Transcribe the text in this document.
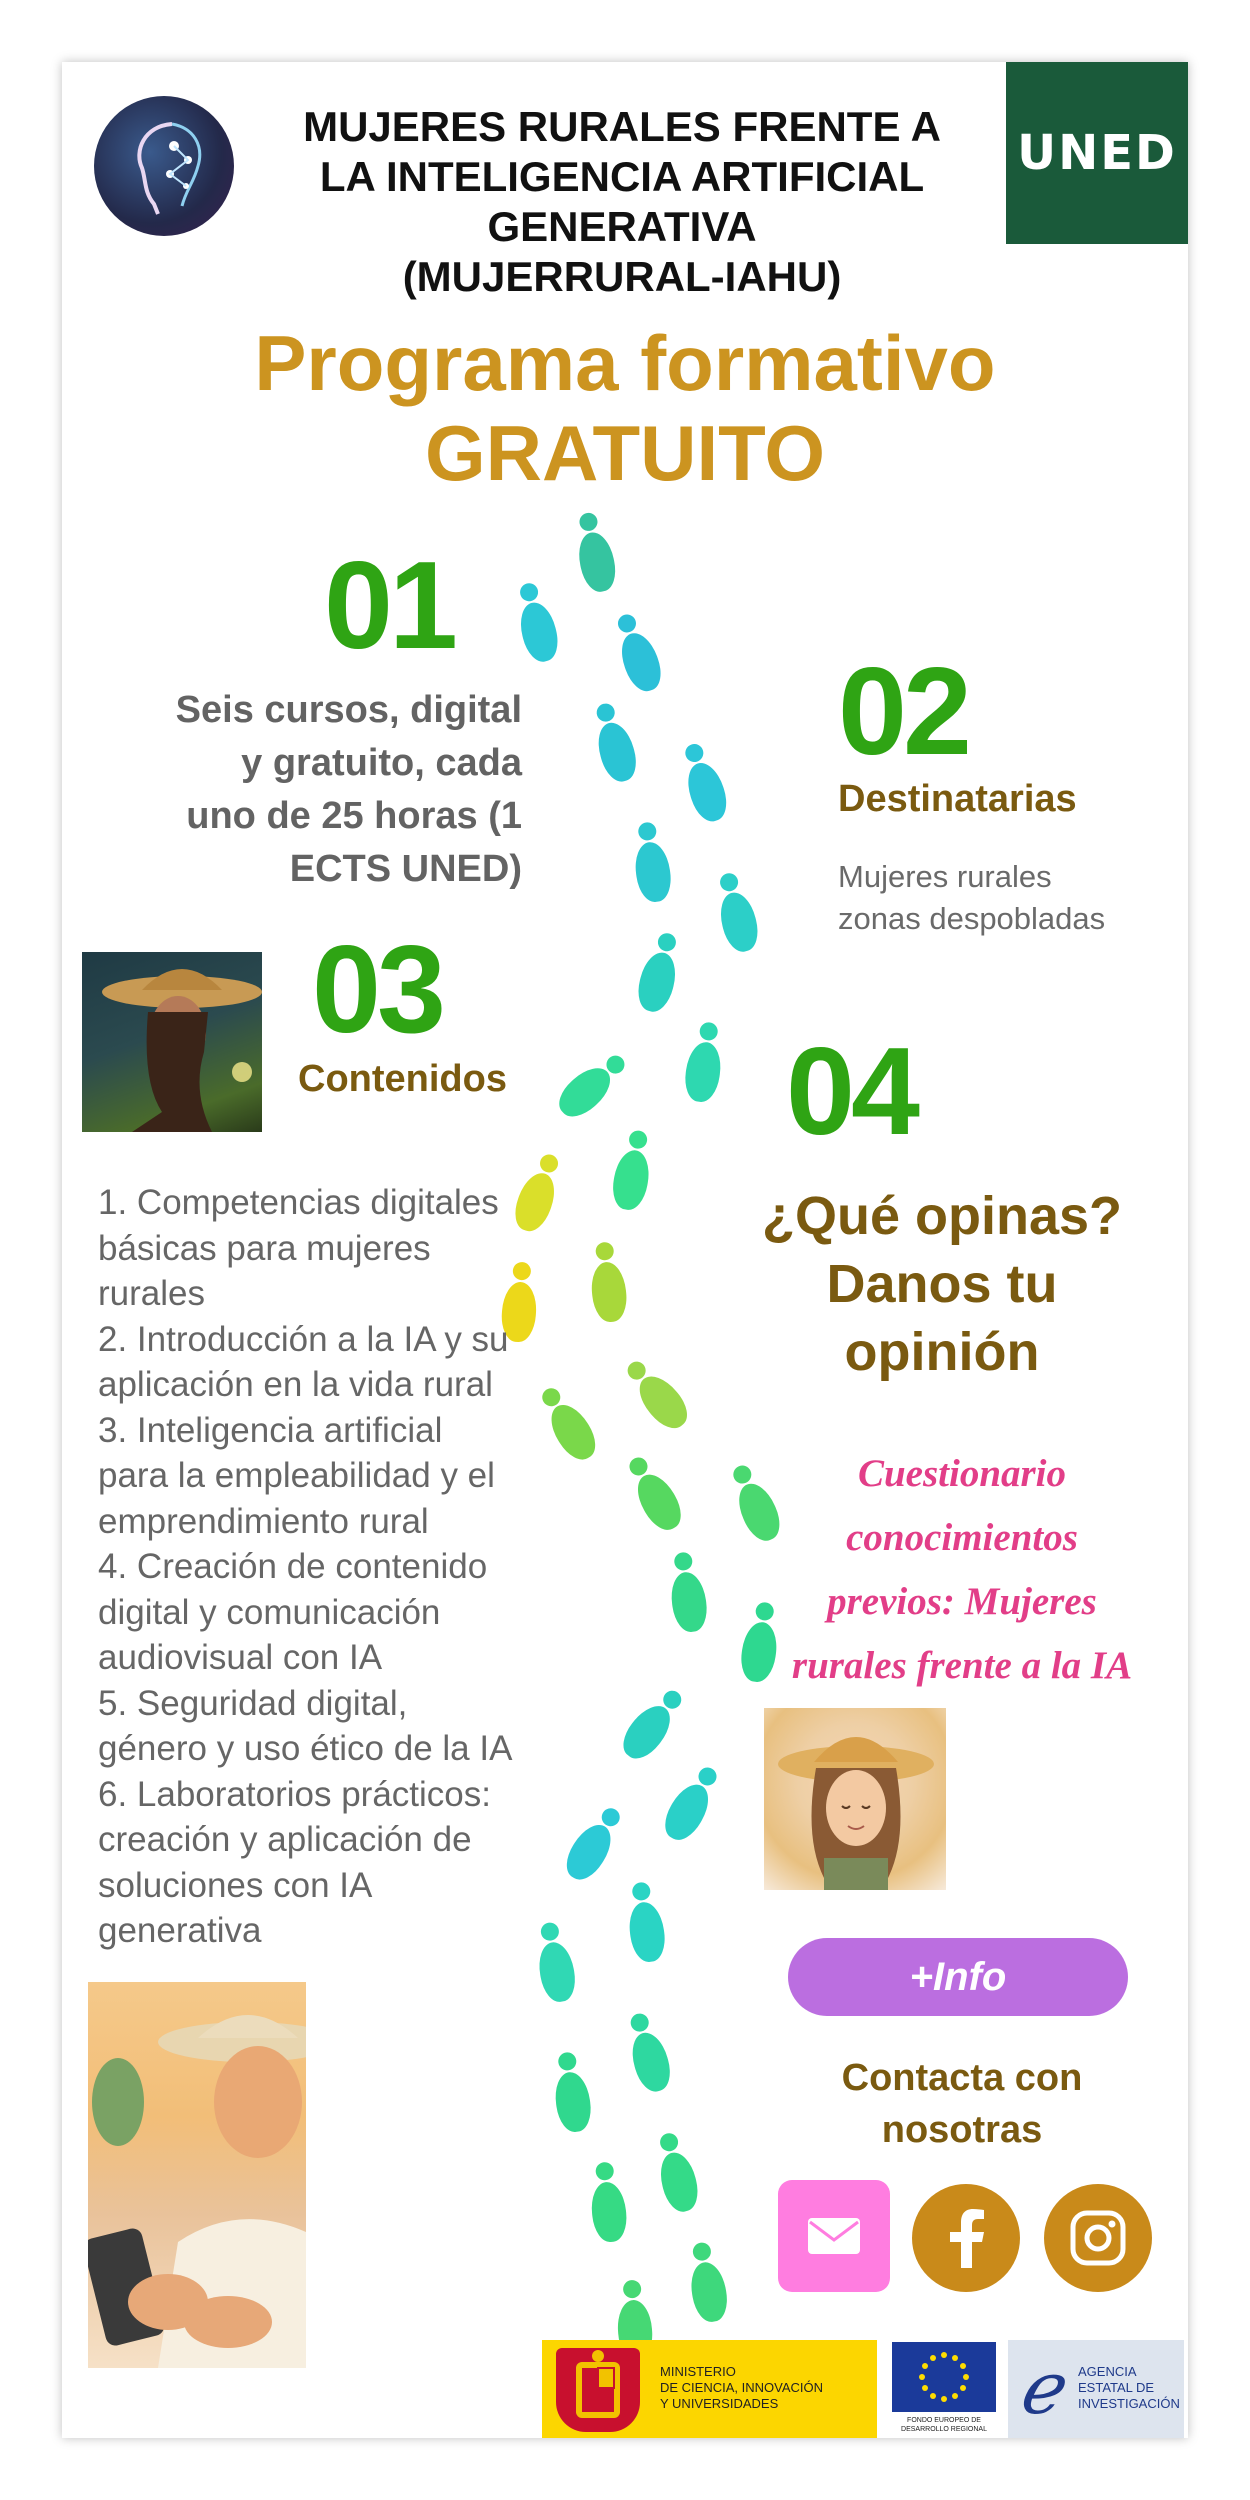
MUJERES RURALES FRENTE A
LA INTELIGENCIA ARTIFICIAL
GENERATIVA
(MUJERRURAL-IAHU)
UNED
Programa formativo
GRATUITO
01
Seis cursos, digital
y gratuito, cada
uno de 25 horas (1
ECTS UNED)
02
Destinatarias
Mujeres rurales
zonas despobladas
03
Contenidos
1. Competencias digitales
básicas para mujeres
rurales
2. Introducción a la IA y su
aplicación en la vida rural
3. Inteligencia artificial
para la empleabilidad y el
emprendimiento rural
4. Creación de contenido
digital y comunicación
audiovisual con IA
5. Seguridad digital,
género y uso ético de la IA
6. Laboratorios prácticos:
creación y aplicación de
soluciones con IA
generativa
04
¿Qué opinas?
Danos tu
opinión
Cuestionario
conocimientos
previos: Mujeres
rurales frente a la IA
+Info
Contacta con
nosotras
MINISTERIO
DE CIENCIA, INNOVACIÓN
Y UNIVERSIDADES
FONDO EUROPEO DE
DESARROLLO REGIONAL
ℯ	AGENCIA
ESTATAL DE
INVESTIGACIÓN
